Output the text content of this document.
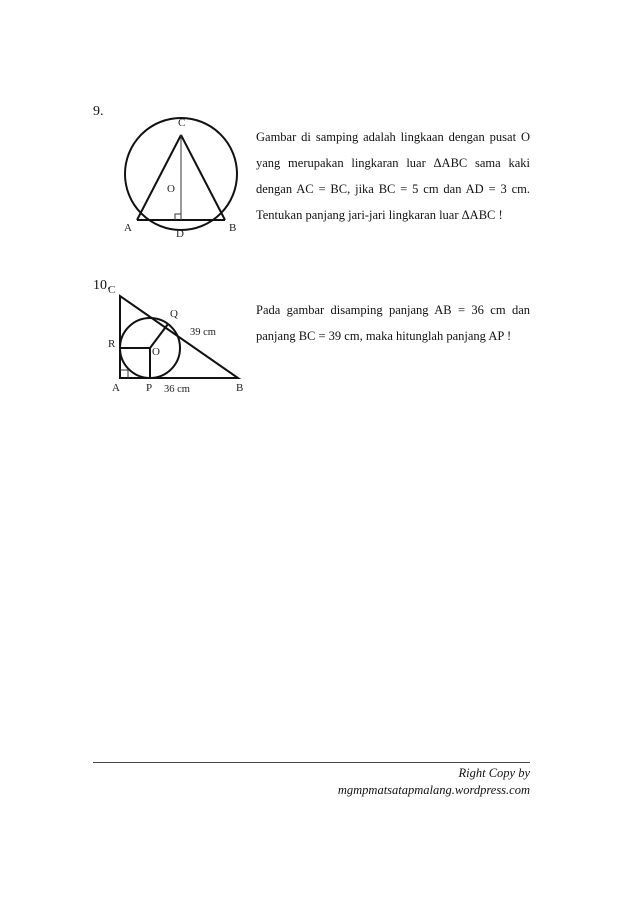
9.
C
O
A	B
D
Gambar di samping adalah lingkaan dengan pusat O
yang merupakan lingkaran luar ΔABC sama kaki
dengan AC = BC, jika BC = 5 cm dan AD = 3 cm.
Tentukan panjang jari-jari lingkaran luar ΔABC !
10.
C
Q
39 cm
R
O
A P 36 cm	B
Pada gambar disamping panjang AB = 36 cm dan
panjang BC = 39 cm, maka hitunglah panjang AP !
Right Copy by
mgmpmatsatapmalang.wordpress.com
